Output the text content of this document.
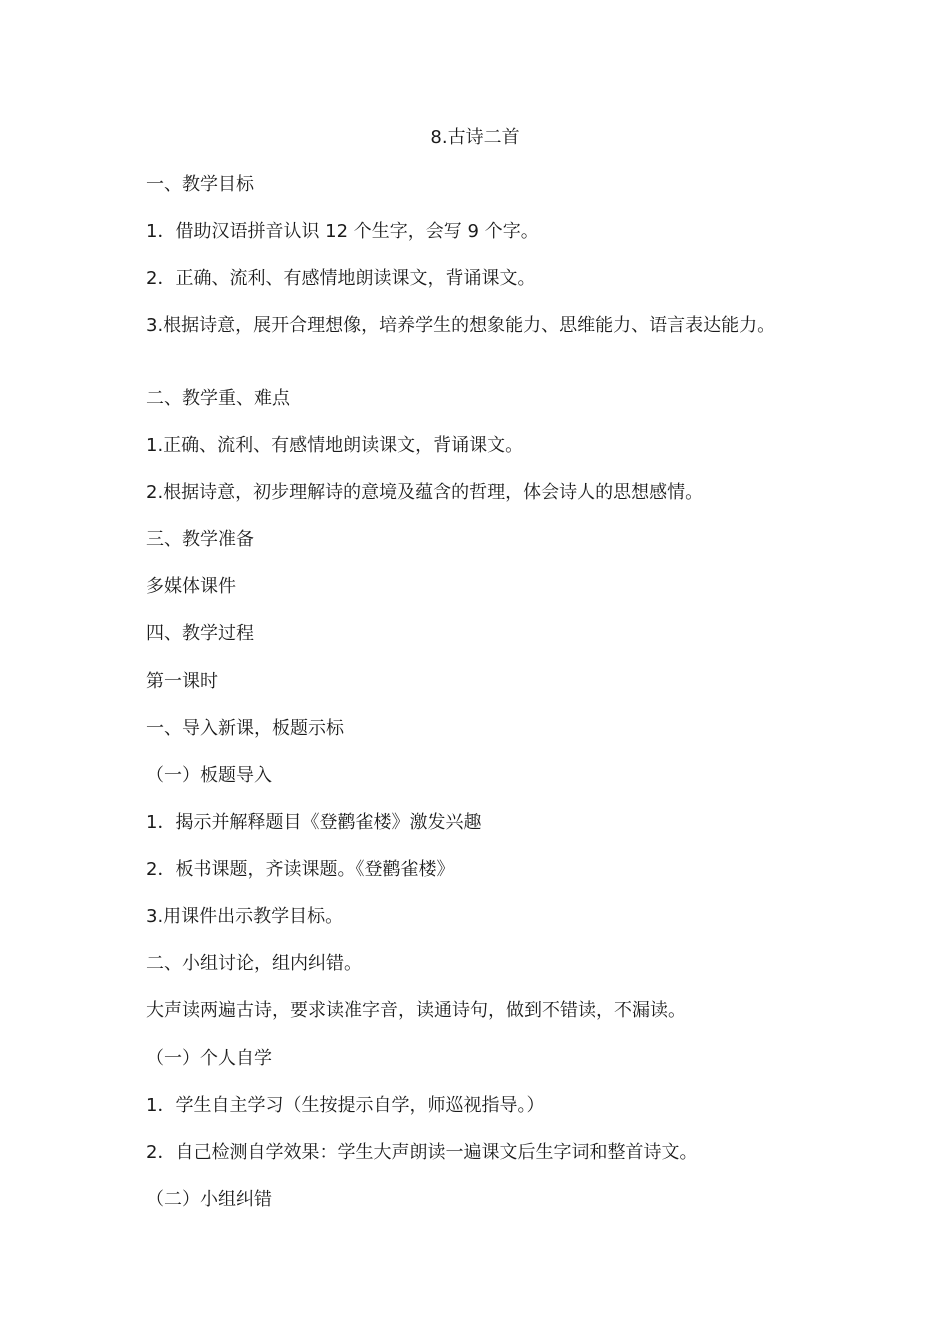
8.古诗二首
一、教学目标
1．借助汉语拼音认识 12 个生字，会写 9 个字。
2．正确、流利、有感情地朗读课文，背诵课文。
3.根据诗意，展开合理想像，培养学生的想象能力、思维能力、语言表达能力。
二、教学重、难点
1.正确、流利、有感情地朗读课文，背诵课文。
2.根据诗意，初步理解诗的意境及蕴含的哲理，体会诗人的思想感情。
三、教学准备
多媒体课件
四、教学过程
第一课时
一、导入新课，板题示标
（一）板题导入
1．揭示并解释题目《登鹳雀楼》激发兴趣
2．板书课题，齐读课题。《登鹳雀楼》
3.用课件出示教学目标。
二、小组讨论，组内纠错。
大声读两遍古诗，要求读准字音，读通诗句，做到不错读，不漏读。
（一）个人自学
1．学生自主学习（生按提示自学，师巡视指导。）
2．自己检测自学效果：学生大声朗读一遍课文后生字词和整首诗文。
（二）小组纠错
